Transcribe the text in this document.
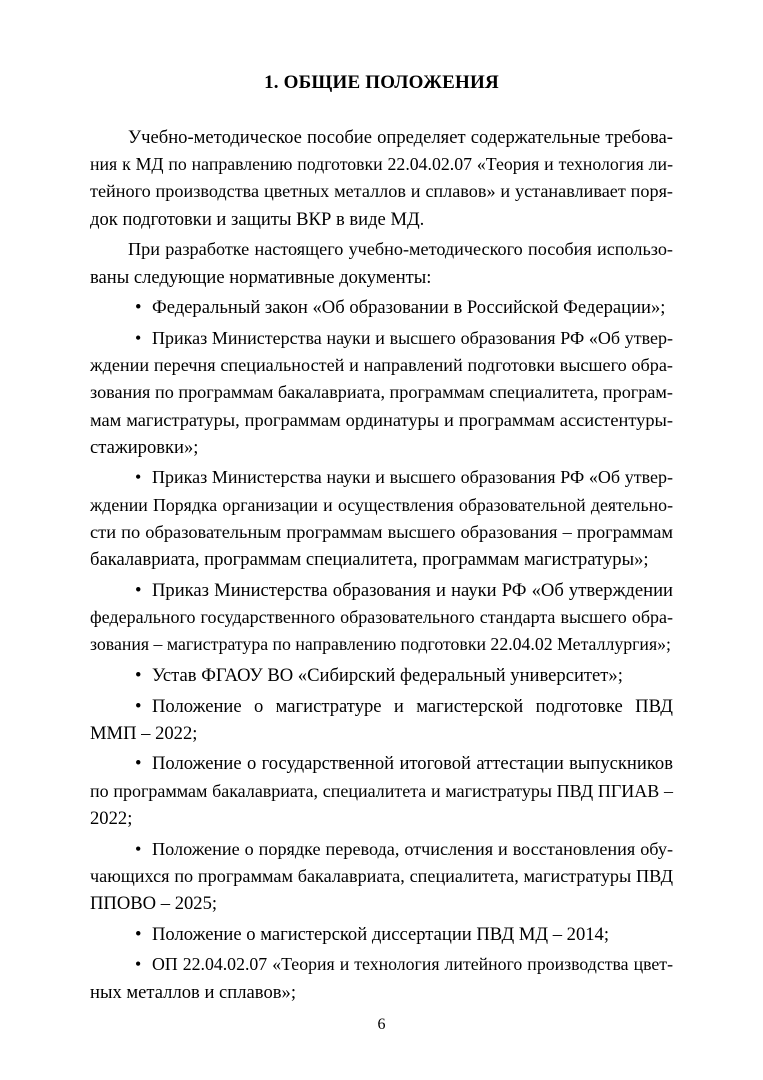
1. ОБЩИЕ ПОЛОЖЕНИЯ
Учебно-методическое пособие определяет содержательные требова-
ния к МД по направлению подготовки 22.04.02.07 «Теория и технология ли-
тейного производства цветных металлов и сплавов» и устанавливает поря-
док подготовки и защиты ВКР в виде МД.
При разработке настоящего учебно-методического пособия использо-
ваны следующие нормативные документы:
• Федеральный закон «Об образовании в Российской Федерации»;
• Приказ Министерства науки и высшего образования РФ «Об утвер-
ждении перечня специальностей и направлений подготовки высшего обра-
зования по программам бакалавриата, программам специалитета, програм-
мам магистратуры, программам ординатуры и программам ассистентуры-
стажировки»;
• Приказ Министерства науки и высшего образования РФ «Об утвер-
ждении Порядка организации и осуществления образовательной деятельно-
сти по образовательным программам высшего образования – программам
бакалавриата, программам специалитета, программам магистратуры»;
• Приказ Министерства образования и науки РФ «Об утверждении
федерального государственного образовательного стандарта высшего обра-
зования – магистратура по направлению подготовки 22.04.02 Металлургия»;
• Устав ФГАОУ ВО «Сибирский федеральный университет»;
• Положение о магистратуре и магистерской подготовке ПВД
ММП – 2022;
• Положение о государственной итоговой аттестации выпускников
по программам бакалавриата, специалитета и магистратуры ПВД ПГИАВ –
2022;
• Положение о порядке перевода, отчисления и восстановления обу-
чающихся по программам бакалавриата, специалитета, магистратуры ПВД
ППОВО – 2025;
• Положение о магистерской диссертации ПВД МД – 2014;
• ОП 22.04.02.07 «Теория и технология литейного производства цвет-
ных металлов и сплавов»;
6
